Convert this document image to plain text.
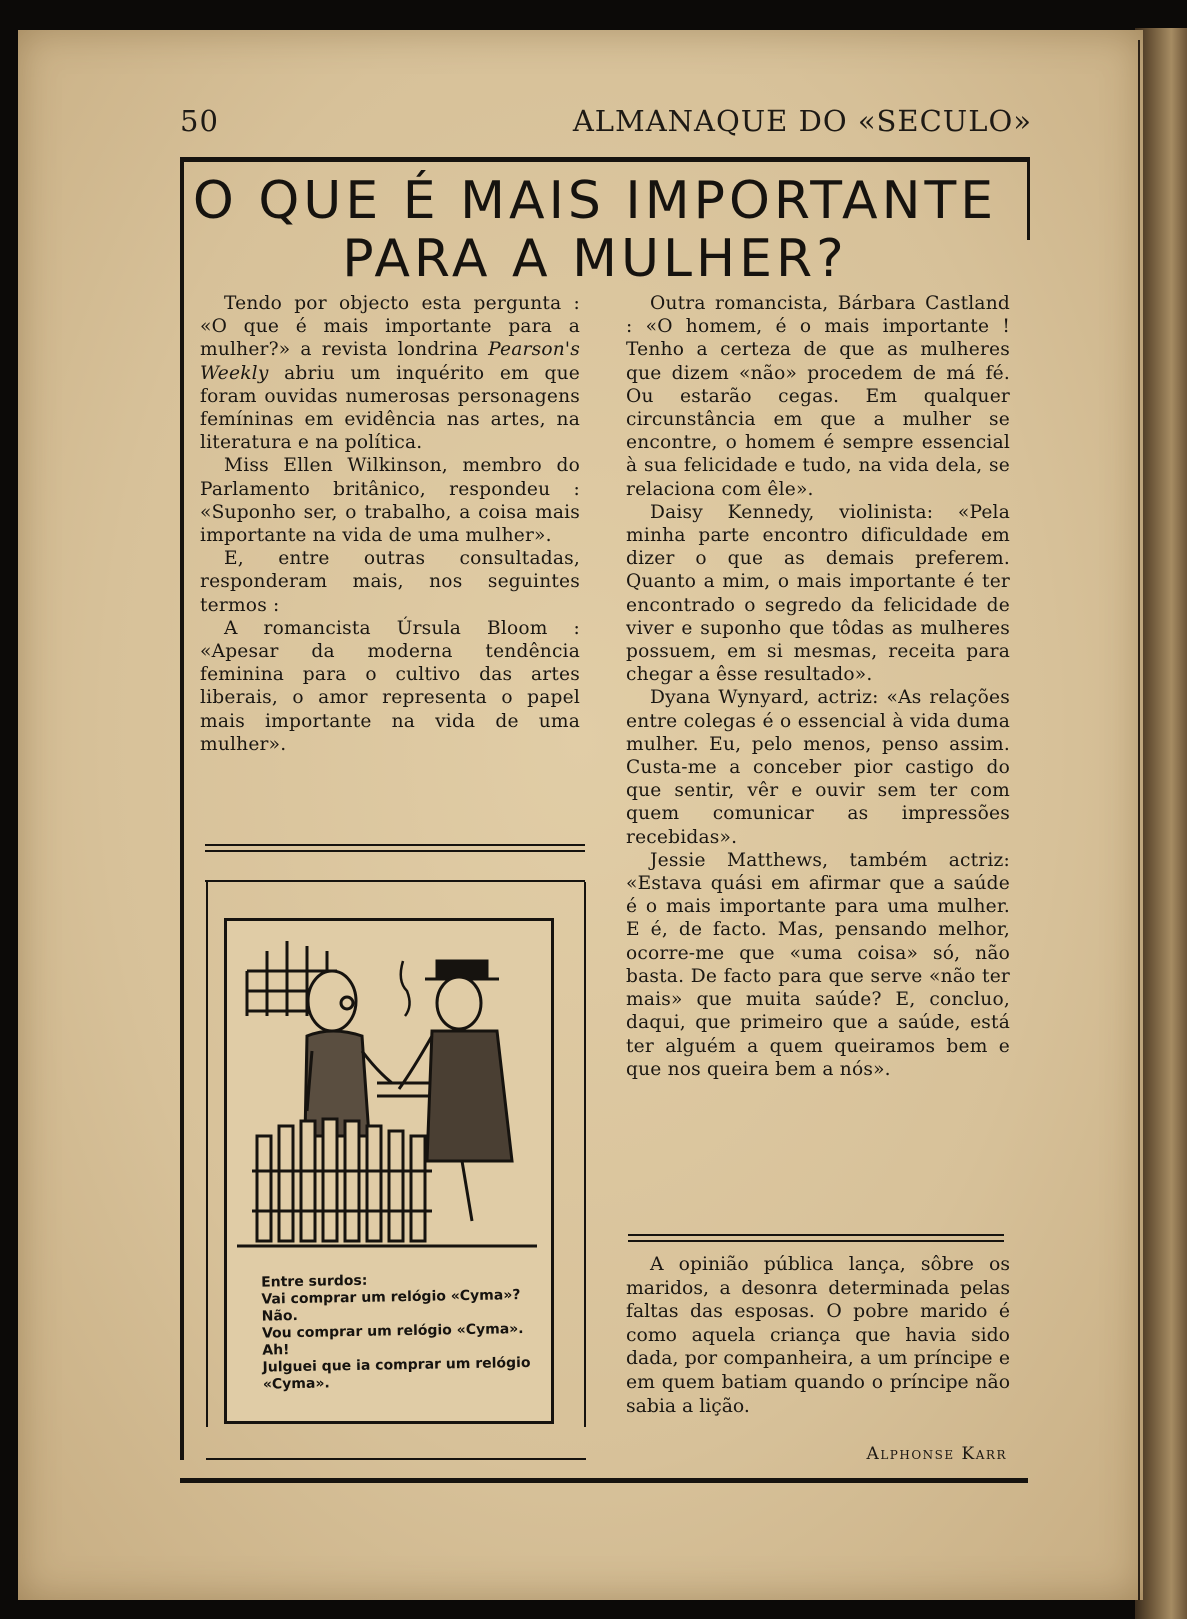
50	ALMANAQUE DO «SECULO»
O QUE É MAIS IMPORTANTE
PARA A MULHER?

Tendo por objecto esta pergunta : «O que é mais importante para a mulher?» a revista londrina Pearson's Weekly abriu um inquérito em que foram ouvidas numerosas personagens femíninas em evidência nas artes, na literatura e na política.

Miss Ellen Wilkinson, membro do Parlamento britânico, respondeu : «Suponho ser, o trabalho, a coisa mais importante na vida de uma mulher».

E, entre outras consultadas, responderam mais, nos seguintes termos :

A romancista Úrsula Bloom : «Apesar da moderna tendência feminina para o cultivo das artes liberais, o amor representa o papel mais importante na vida de uma mulher».

Entre surdos:
Vai comprar um relógio «Cyma»?
Não.
Vou comprar um relógio «Cyma».
Ah!
Julguei que ia comprar um relógio
«Cyma».

Outra romancista, Bárbara Castland : «O homem, é o mais importante ! Tenho a certeza de que as mulheres que dizem «não» procedem de má fé. Ou estarão cegas. Em qualquer circunstância em que a mulher se encontre, o homem é sempre essencial à sua felicidade e tudo, na vida dela, se relaciona com êle».

Daisy Kennedy, violinista: «Pela minha parte encontro dificuldade em dizer o que as demais preferem. Quanto a mim, o mais importante é ter encontrado o segredo da felicidade de viver e suponho que tôdas as mulheres possuem, em si mesmas, receita para chegar a êsse resultado».

Dyana Wynyard, actriz: «As relações entre colegas é o essencial à vida duma mulher. Eu, pelo menos, penso assim. Custa-me a conceber pior castigo do que sentir, vêr e ouvir sem ter com quem comunicar as impressões recebidas».

Jessie Matthews, também actriz: «Estava quási em afirmar que a saúde é o mais importante para uma mulher. E é, de facto. Mas, pensando melhor, ocorre-me que «uma coisa» só, não basta. De facto para que serve «não ter mais» que muita saúde? E, concluo, daqui, que primeiro que a saúde, está ter alguém a quem queiramos bem e que nos queira bem a nós».

A opinião pública lança, sôbre os maridos, a desonra determinada pelas faltas das esposas. O pobre marido é como aquela criança que havia sido dada, por companheira, a um príncipe e em quem batiam quando o príncipe não sabia a lição.

Alphonse Karr
